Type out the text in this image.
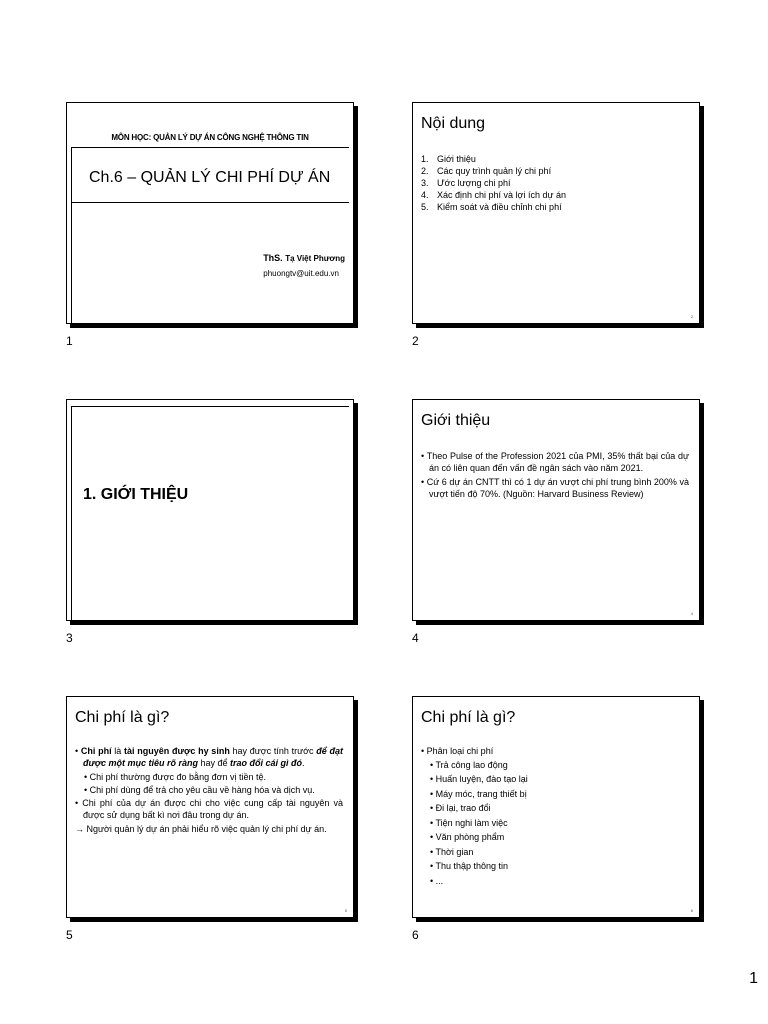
MÔN HỌC: QUẢN LÝ DỰ ÁN CÔNG NGHỆ THÔNG TIN
Ch.6 – QUẢN LÝ CHI PHÍ DỰ ÁN
ThS. Tạ Việt Phương
phuongtv@uit.edu.vn
1
Nội dung
1. Giới thiệu
2. Các quy trình quản lý chi phí
3. Ước lượng chi phí
4. Xác định chi phí và lợi ích dự án
5. Kiểm soát và điều chỉnh chi phí
2
2
1. GIỚI THIỆU
3
Giới thiệu
• Theo Pulse of the Profession 2021 của PMI, 35% thất bại của dự án có liên quan đến vấn đề ngân sách vào năm 2021.
• Cứ 6 dự án CNTT thì có 1 dự án vượt chi phí trung bình 200% và vượt tiến độ 70%. (Nguồn: Harvard Business Review)
4
4
Chi phí là gì?
• Chi phí là tài nguyên được hy sinh hay được tính trước để đạt được một mục tiêu rõ ràng hay để trao đổi cái gì đó.
• Chi phí thường được đo bằng đơn vị tiền tệ.
• Chi phí dùng để trả cho yêu cầu về hàng hóa và dịch vụ.
• Chi phí của dự án được chi cho việc cung cấp tài nguyên và được sử dụng bất kì nơi đâu trong dự án.
→ Người quản lý dự án phải hiểu rõ việc quản lý chi phí dự án.
5
5
Chi phí là gì?
• Phân loại chi phí
• Trả công lao động
• Huấn luyện, đào tạo lại
• Máy móc, trang thiết bị
• Đi lại, trao đổi
• Tiện nghi làm việc
• Văn phòng phẩm
• Thời gian
• Thu thập thông tin
• ...
6
6
1
